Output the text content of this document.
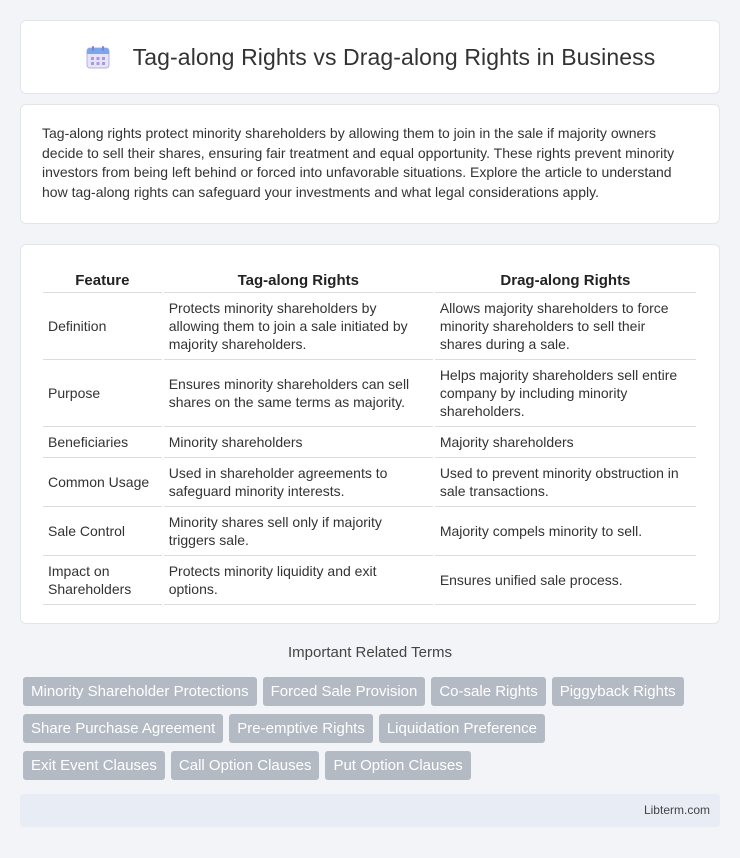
Tag-along Rights vs Drag-along Rights in Business

Tag-along rights protect minority shareholders by allowing them to join in the sale if majority owners decide to sell their shares, ensuring fair treatment and equal opportunity. These rights prevent minority investors from being left behind or forced into unfavorable situations. Explore the article to understand how tag-along rights can safeguard your investments and what legal considerations apply.

Feature	Tag-along Rights	Drag-along Rights
Definition	Protects minority shareholders by allowing them to join a sale initiated by majority shareholders.	Allows majority shareholders to force minority shareholders to sell their shares during a sale.
Purpose	Ensures minority shareholders can sell shares on the same terms as majority.	Helps majority shareholders sell entire company by including minority shareholders.
Beneficiaries	Minority shareholders	Majority shareholders
Common Usage	Used in shareholder agreements to safeguard minority interests.	Used to prevent minority obstruction in sale transactions.
Sale Control	Minority shares sell only if majority triggers sale.	Majority compels minority to sell.
Impact on Shareholders	Protects minority liquidity and exit options.	Ensures unified sale process.
Important Related Terms
Minority Shareholder Protections Forced Sale Provision Co-sale Rights Piggyback Rights
Share Purchase Agreement Pre-emptive Rights Liquidation Preference
Exit Event Clauses Call Option Clauses Put Option Clauses
Libterm.com
